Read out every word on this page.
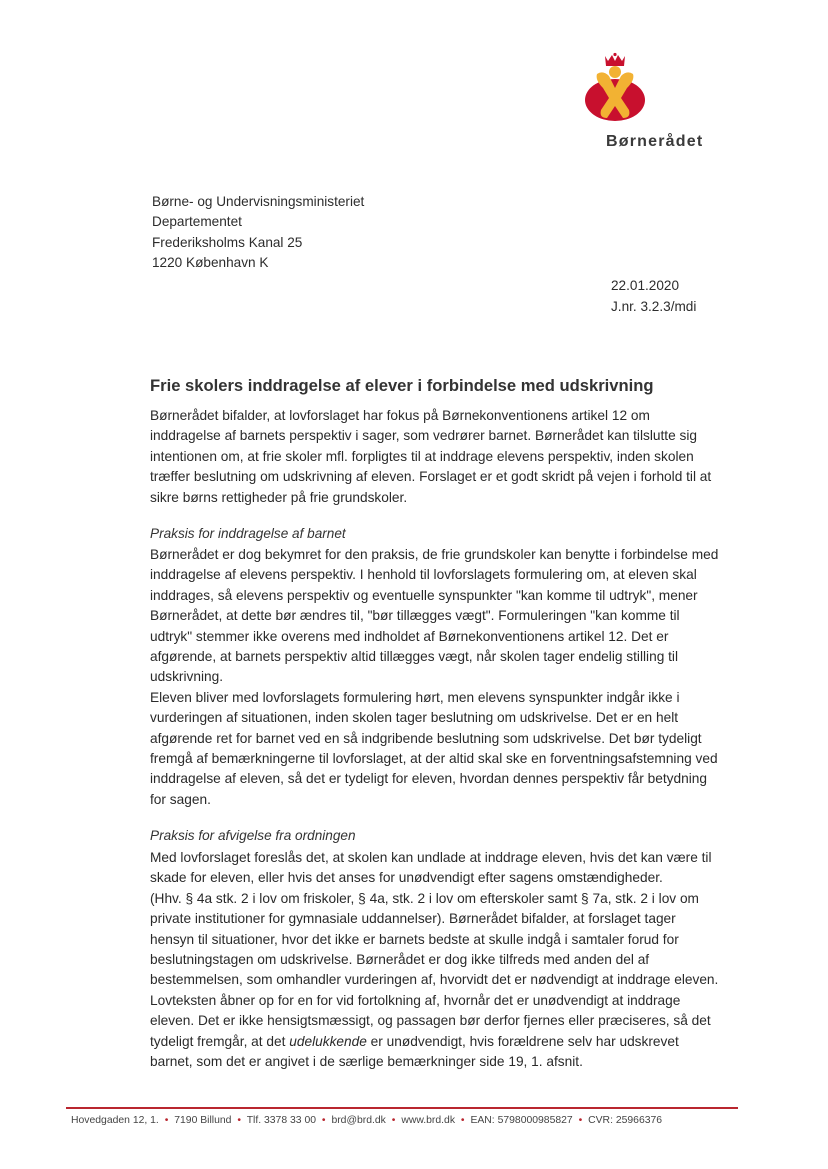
Børnerådet
Børne- og Undervisningsministeriet
Departementet
Frederiksholms Kanal 25
1220 København K
22.01.2020
J.nr. 3.2.3/mdi
Frie skolers inddragelse af elever i forbindelse med udskrivning

Børnerådet bifalder, at lovforslaget har fokus på Børnekonventionens artikel 12 om
inddragelse af barnets perspektiv i sager, som vedrører barnet. Børnerådet kan tilslutte sig
intentionen om, at frie skoler mfl. forpligtes til at inddrage elevens perspektiv, inden skolen
træffer beslutning om udskrivning af eleven. Forslaget er et godt skridt på vejen i forhold til at
sikre børns rettigheder på frie grundskoler.

Praksis for inddragelse af barnet

Børnerådet er dog bekymret for den praksis, de frie grundskoler kan benytte i forbindelse med
inddragelse af elevens perspektiv. I henhold til lovforslagets formulering om, at eleven skal
inddrages, så elevens perspektiv og eventuelle synspunkter "kan komme til udtryk", mener
Børnerådet, at dette bør ændres til, "bør tillægges vægt". Formuleringen "kan komme til
udtryk" stemmer ikke overens med indholdet af Børnekonventionens artikel 12. Det er
afgørende, at barnets perspektiv altid tillægges vægt, når skolen tager endelig stilling til
udskrivning.
Eleven bliver med lovforslagets formulering hørt, men elevens synspunkter indgår ikke i
vurderingen af situationen, inden skolen tager beslutning om udskrivelse. Det er en helt
afgørende ret for barnet ved en så indgribende beslutning som udskrivelse. Det bør tydeligt
fremgå af bemærkningerne til lovforslaget, at der altid skal ske en forventningsafstemning ved
inddragelse af eleven, så det er tydeligt for eleven, hvordan dennes perspektiv får betydning
for sagen.

Praksis for afvigelse fra ordningen

Med lovforslaget foreslås det, at skolen kan undlade at inddrage eleven, hvis det kan være til
skade for eleven, eller hvis det anses for unødvendigt efter sagens omstændigheder.
(Hhv. § 4a stk. 2 i lov om friskoler, § 4a, stk. 2 i lov om efterskoler samt § 7a, stk. 2 i lov om
private institutioner for gymnasiale uddannelser). Børnerådet bifalder, at forslaget tager
hensyn til situationer, hvor det ikke er barnets bedste at skulle indgå i samtaler forud for
beslutningstagen om udskrivelse. Børnerådet er dog ikke tilfreds med anden del af
bestemmelsen, som omhandler vurderingen af, hvorvidt det er nødvendigt at inddrage eleven.
Lovteksten åbner op for en for vid fortolkning af, hvornår det er unødvendigt at inddrage
eleven. Det er ikke hensigtsmæssigt, og passagen bør derfor fjernes eller præciseres, så det
tydeligt fremgår, at det udelukkende er unødvendigt, hvis forældrene selv har udskrevet
barnet, som det er angivet i de særlige bemærkninger side 19, 1. afsnit.

Hovedgaden 12, 1. • 7190 Billund • Tlf. 3378 33 00 • brd@brd.dk • www.brd.dk • EAN: 5798000985827 • CVR: 25966376
